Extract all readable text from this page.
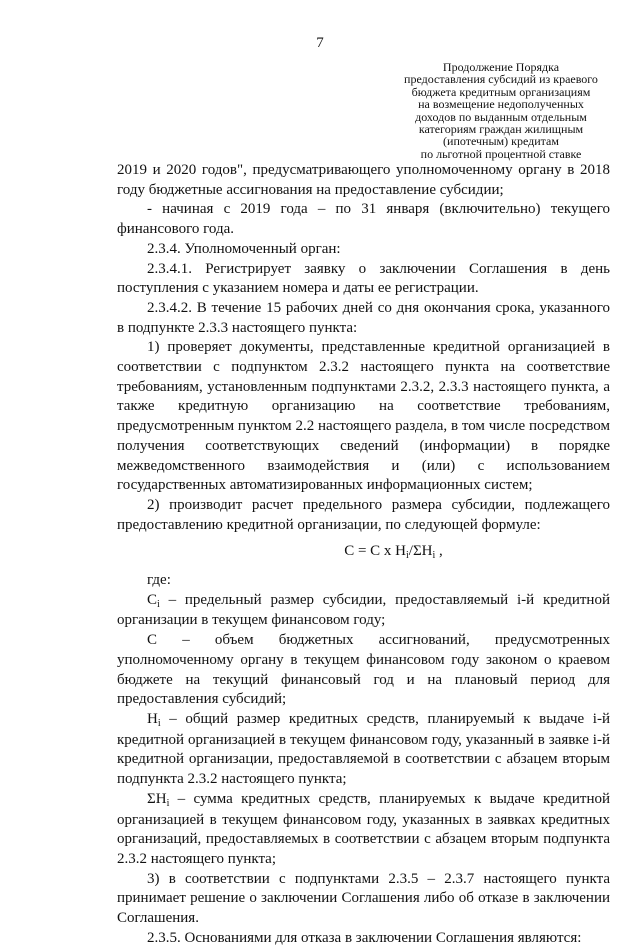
7
Продолжение Порядка
предоставления субсидий из краевого
бюджета кредитным организациям
на возмещение недополученных
доходов по выданным отдельным
категориям граждан жилищным
(ипотечным) кредитам
по льготной процентной ставке

2019 и 2020 годов", предусматривающего уполномоченному органу в 2018 году бюджетные ассигнования на предоставление субсидии;

- начиная с 2019 года – по 31 января (включительно) текущего финансового года.

2.3.4. Уполномоченный орган:

2.3.4.1. Регистрирует заявку о заключении Соглашения в день поступления с указанием номера и даты ее регистрации.

2.3.4.2. В течение 15 рабочих дней со дня окончания срока, указанного в подпункте 2.3.3 настоящего пункта:

1) проверяет документы, представленные кредитной организацией в соответствии с подпунктом 2.3.2 настоящего пункта на соответствие требованиям, установленным подпунктами 2.3.2, 2.3.3 настоящего пункта, а также кредитную организацию на соответствие требованиям, предусмотренным пунктом 2.2 настоящего раздела, в том числе посредством получения соответствующих сведений (информации) в порядке межведомственного взаимодействия и (или) с использованием государственных автоматизированных информационных систем;

2) производит расчет предельного размера субсидии, подлежащего предоставлению кредитной организации, по следующей формуле:

C = C x $H_i/\Sigma H_i$ ,

где:

$C_i$ – предельный размер субсидии, предоставляемый i-й кредитной организации в текущем финансовом году;

C – объем бюджетных ассигнований, предусмотренных уполномоченному органу в текущем финансовом году законом о краевом бюджете на текущий финансовый год и на плановый период для предоставления субсидий;

$H_i$ – общий размер кредитных средств, планируемый к выдаче i-й кредитной организацией в текущем финансовом году, указанный в заявке i-й кредитной организации, предоставляемой в соответствии с абзацем вторым подпункта 2.3.2 настоящего пункта;

$\Sigma H_i$ – сумма кредитных средств, планируемых к выдаче кредитной организацией в текущем финансовом году, указанных в заявках кредитных организаций, предоставляемых в соответствии с абзацем вторым подпункта 2.3.2 настоящего пункта;

3) в соответствии с подпунктами 2.3.5 – 2.3.7 настоящего пункта принимает решение о заключении Соглашения либо об отказе в заключении Соглашения.

2.3.5. Основаниями для отказа в заключении Соглашения являются:
